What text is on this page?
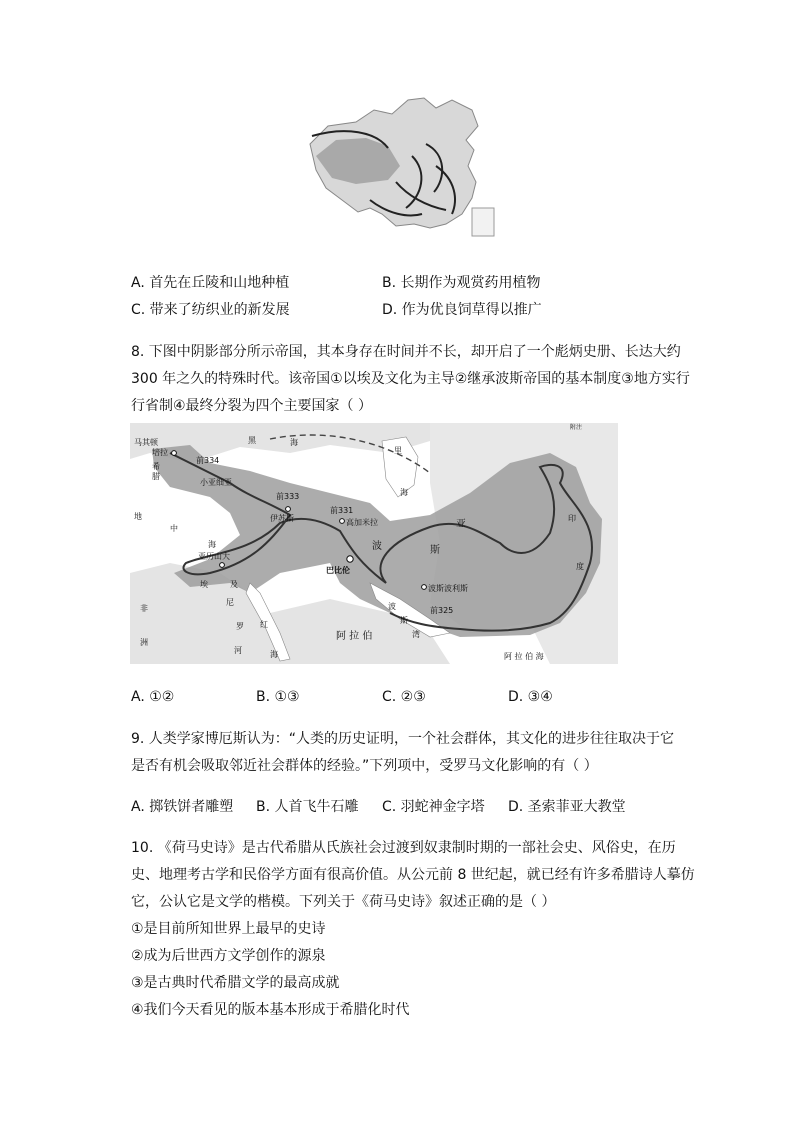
A. 首先在丘陵和山地种植	B. 长期作为观赏药用植物
C. 带来了纺织业的新发展	D. 作为优良饲草得以推广
8. 下图中阴影部分所示帝国，其本身存在时间并不长，却开启了一个彪炳史册、长达大约
300 年之久的特殊时代。该帝国①以埃及文化为主导②继承波斯帝国的基本制度③地方实行
行省制④最终分裂为四个主要国家（ ）
马其顿
培拉
希
腊
小亚细亚
黑	海
里
海
地
中
海
前333
伊苏斯
前331
高加米拉
亚历山大
埃	及
尼
罗
河
红
海
巴比伦
波	斯
亚
波斯波利斯
前325
波
斯
湾
阿 拉 伯
阿 拉 伯 海
非
洲
印
度
前334
附注
A. ①②	B. ①③	C. ②③	D. ③④
9. 人类学家博厄斯认为：“人类的历史证明，一个社会群体，其文化的进步往往取决于它
是否有机会吸取邻近社会群体的经验。”下列项中，受罗马文化影响的有（ ）
A. 掷铁饼者雕塑 B. 人首飞牛石雕 C. 羽蛇神金字塔 D. 圣索菲亚大教堂
10. 《荷马史诗》是古代希腊从氏族社会过渡到奴隶制时期的一部社会史、风俗史，在历
史、地理考古学和民俗学方面有很高价值。从公元前 8 世纪起，就已经有许多希腊诗人摹仿
它，公认它是文学的楷模。下列关于《荷马史诗》叙述正确的是（ ）
①是目前所知世界上最早的史诗
②成为后世西方文学创作的源泉
③是古典时代希腊文学的最高成就
④我们今天看见的版本基本形成于希腊化时代
